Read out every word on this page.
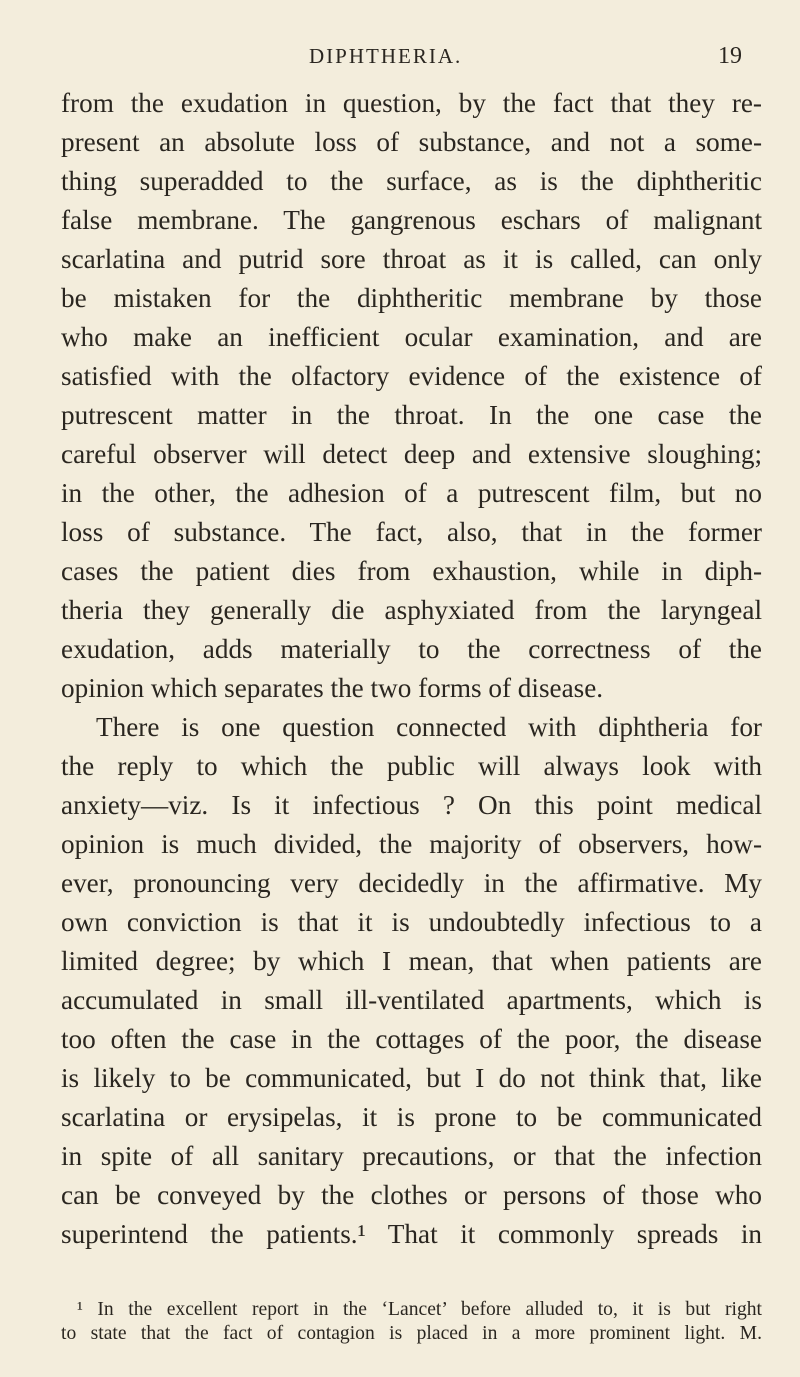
DIPHTHERIA.	19
from the exudation in question, by the fact that they re-
present an absolute loss of substance, and not a some-
thing superadded to the surface, as is the diphtheritic
false membrane. The gangrenous eschars of malignant
scarlatina and putrid sore throat as it is called, can only
be mistaken for the diphtheritic membrane by those
who make an inefficient ocular examination, and are
satisfied with the olfactory evidence of the existence of
putrescent matter in the throat. In the one case the
careful observer will detect deep and extensive sloughing;
in the other, the adhesion of a putrescent film, but no
loss of substance. The fact, also, that in the former
cases the patient dies from exhaustion, while in diph-
theria they generally die asphyxiated from the laryngeal
exudation, adds materially to the correctness of the
opinion which separates the two forms of disease.
There is one question connected with diphtheria for
the reply to which the public will always look with
anxiety—viz. Is it infectious ? On this point medical
opinion is much divided, the majority of observers, how-
ever, pronouncing very decidedly in the affirmative. My
own conviction is that it is undoubtedly infectious to a
limited degree; by which I mean, that when patients are
accumulated in small ill-ventilated apartments, which is
too often the case in the cottages of the poor, the disease
is likely to be communicated, but I do not think that, like
scarlatina or erysipelas, it is prone to be communicated
in spite of all sanitary precautions, or that the infection
can be conveyed by the clothes or persons of those who
superintend the patients.¹ That it commonly spreads in
¹ In the excellent report in the ‘Lancet’ before alluded to, it is but right
to state that the fact of contagion is placed in a more prominent light. M.
